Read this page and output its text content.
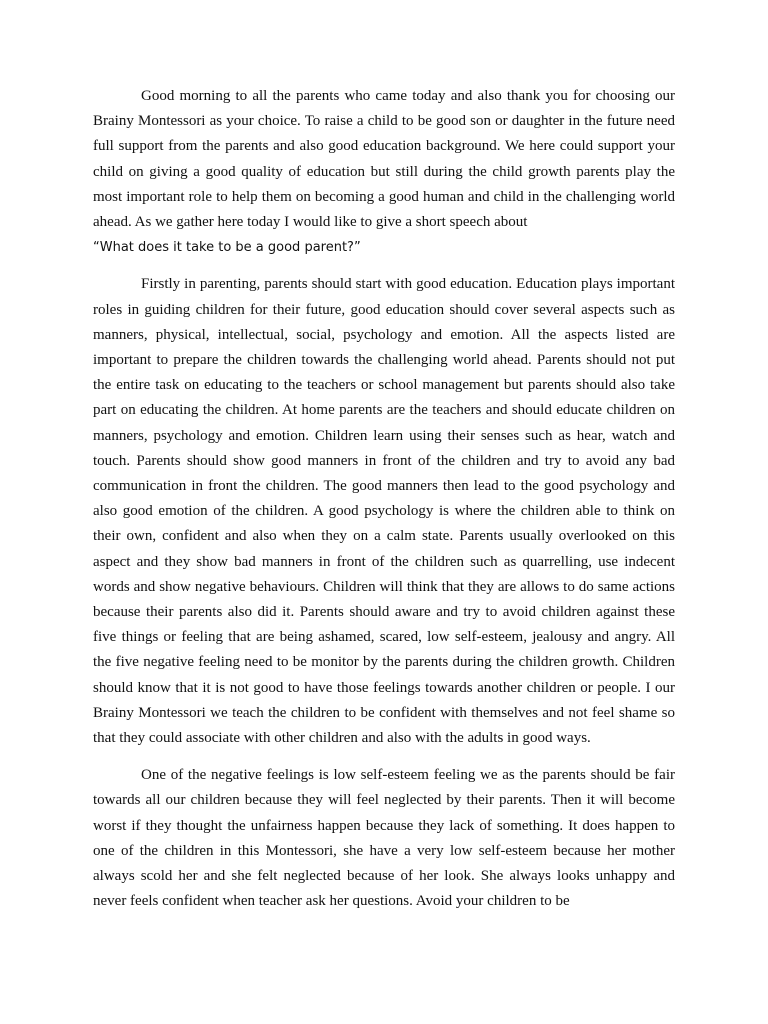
Good morning to all the parents who came today and also thank you for choosing our Brainy Montessori as your choice. To raise a child to be good son or daughter in the future need full support from the parents and also good education background. We here could support your child on giving a good quality of education but still during the child growth parents play the most important role to help them on becoming a good human and child in the challenging world ahead. As we gather here today I would like to give a short speech about
“What does it take to be a good parent?”

Firstly in parenting, parents should start with good education. Education plays important roles in guiding children for their future, good education should cover several aspects such as manners, physical, intellectual, social, psychology and emotion. All the aspects listed are important to prepare the children towards the challenging world ahead. Parents should not put the entire task on educating to the teachers or school management but parents should also take part on educating the children. At home parents are the teachers and should educate children on manners, psychology and emotion. Children learn using their senses such as hear, watch and touch. Parents should show good manners in front of the children and try to avoid any bad communication in front the children. The good manners then lead to the good psychology and also good emotion of the children. A good psychology is where the children able to think on their own, confident and also when they on a calm state. Parents usually overlooked on this aspect and they show bad manners in front of the children such as quarrelling, use indecent words and show negative behaviours. Children will think that they are allows to do same actions because their parents also did it. Parents should aware and try to avoid children against these five things or feeling that are being ashamed, scared, low self-esteem, jealousy and angry. All the five negative feeling need to be monitor by the parents during the children growth. Children should know that it is not good to have those feelings towards another children or people. I our Brainy Montessori we teach the children to be confident with themselves and not feel shame so that they could associate with other children and also with the adults in good ways.

One of the negative feelings is low self-esteem feeling we as the parents should be fair towards all our children because they will feel neglected by their parents. Then it will become worst if they thought the unfairness happen because they lack of something. It does happen to one of the children in this Montessori, she have a very low self-esteem because her mother always scold her and she felt neglected because of her look. She always looks unhappy and never feels confident when teacher ask her questions. Avoid your children to be
